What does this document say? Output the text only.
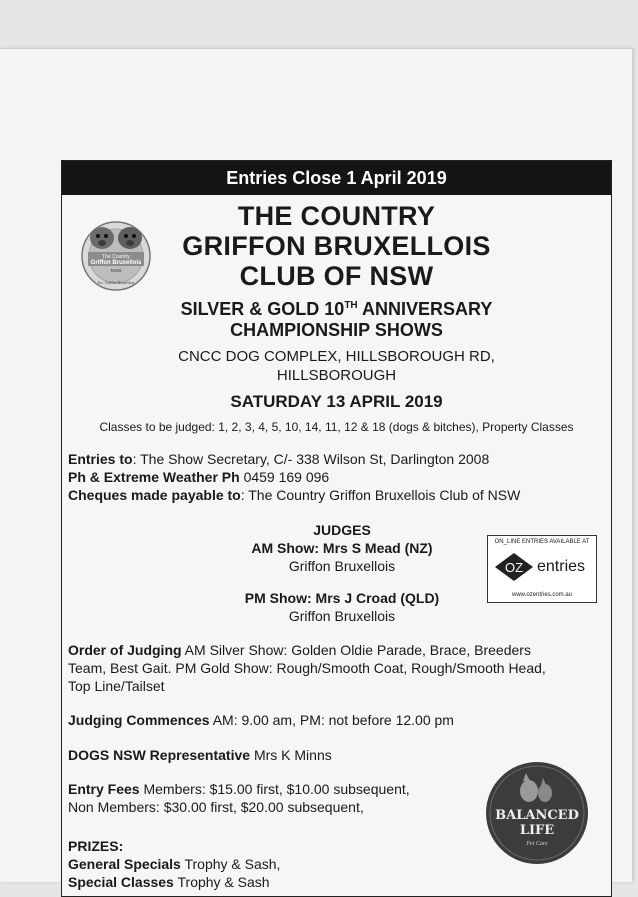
Entries Close 1 April 2019
The Country
Griffon Bruxellois
NSW
Est. Griffon Bruxellois
THE COUNTRY
GRIFFON BRUXELLOIS
CLUB OF NSW
SILVER & GOLD 10TH ANNIVERSARY
CHAMPIONSHIP SHOWS
CNCC DOG COMPLEX, HILLSBOROUGH RD,
HILLSBOROUGH
SATURDAY 13 APRIL 2019
Classes to be judged: 1, 2, 3, 4, 5, 10, 14, 11, 12 & 18 (dogs & bitches), Property Classes
Entries to: The Show Secretary, C/- 338 Wilson St, Darlington 2008
Ph & Extreme Weather Ph 0459 169 096
Cheques made payable to: The Country Griffon Bruxellois Club of NSW
JUDGES
AM Show: Mrs S Mead (NZ)
Griffon Bruxellois
PM Show: Mrs J Croad (QLD)
Griffon Bruxellois
ON_LINE ENTRIES AVAILABLE AT
OZ entries
www.ozentries.com.au
Order of Judging AM Silver Show: Golden Oldie Parade, Brace, Breeders
Team, Best Gait. PM Gold Show: Rough/Smooth Coat, Rough/Smooth Head,
Top Line/Tailset
Judging Commences AM: 9.00 am, PM: not before 12.00 pm
DOGS NSW Representative Mrs K Minns
Entry Fees Members: $15.00 first, $10.00 subsequent,
Non Members: $30.00 first, $20.00 subsequent,
BALANCED
LIFE
Pet Care
PRIZES:
General Specials Trophy & Sash,
Special Classes Trophy & Sash
